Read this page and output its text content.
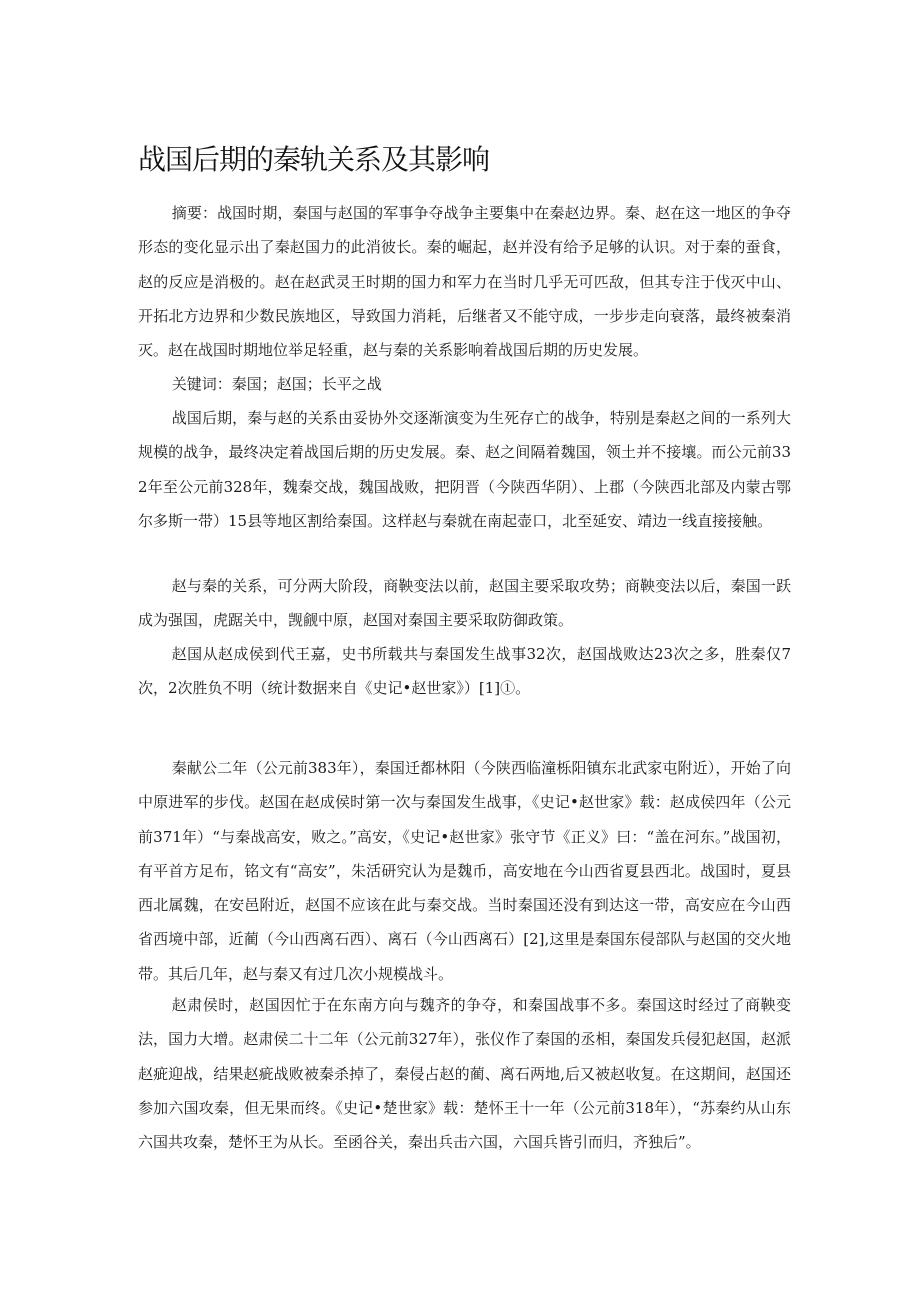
战国后期的秦轨关系及其影响

摘要：战国时期，秦国与赵国的军事争夺战争主要集中在秦赵边界。秦、赵在这一地区的争夺形态的变化显示出了秦赵国力的此消彼长。秦的崛起，赵并没有给予足够的认识。对于秦的蚕食，赵的反应是消极的。赵在赵武灵王时期的国力和军力在当时几乎无可匹敌，但其专注于伐灭中山、开拓北方边界和少数民族地区，导致国力消耗，后继者又不能守成，一步步走向衰落，最终被秦消灭。赵在战国时期地位举足轻重，赵与秦的关系影响着战国后期的历史发展。

关键词：秦国；赵国；长平之战

战国后期，秦与赵的关系由妥协外交逐渐演变为生死存亡的战争，特别是秦赵之间的一系列大规模的战争，最终决定着战国后期的历史发展。秦、赵之间隔着魏国，领土并不接壤。而公元前332年至公元前328年，魏秦交战，魏国战败，把阴晋（今陕西华阴）、上郡（今陕西北部及内蒙古鄂尔多斯一带）15县等地区割给秦国。这样赵与秦就在南起壶口，北至延安、靖边一线直接接触。

赵与秦的关系，可分两大阶段，商鞅变法以前，赵国主要采取攻势；商鞅变法以后，秦国一跃成为强国，虎踞关中，觊觎中原，赵国对秦国主要采取防御政策。

赵国从赵成侯到代王嘉，史书所载共与秦国发生战事32次，赵国战败达23次之多，胜秦仅7次，2次胜负不明（统计数据来自《史记•赵世家》）[1]①。

秦献公二年（公元前383年），秦国迁都林阳（今陕西临潼栎阳镇东北武家屯附近），开始了向中原进军的步伐。赵国在赵成侯时第一次与秦国发生战事，《史记•赵世家》载：赵成侯四年（公元前371年）“与秦战高安，败之。”高安，《史记•赵世家》张守节《正义》曰：“盖在河东。”战国初，有平首方足布，铭文有“高安”，朱活研究认为是魏币，高安地在今山西省夏县西北。战国时，夏县西北属魏，在安邑附近，赵国不应该在此与秦交战。当时秦国还没有到达这一带，高安应在今山西省西境中部，近蔺（今山西离石西）、离石（今山西离石）[2],这里是秦国东侵部队与赵国的交火地带。其后几年，赵与秦又有过几次小规模战斗。

赵肃侯时，赵国因忙于在东南方向与魏齐的争夺，和秦国战事不多。秦国这时经过了商鞅变法，国力大增。赵肃侯二十二年（公元前327年），张仪作了秦国的丞相，秦国发兵侵犯赵国，赵派赵疵迎战，结果赵疵战败被秦杀掉了，秦侵占赵的蔺、离石两地,后又被赵收复。在这期间，赵国还参加六国攻秦，但无果而终。《史记•楚世家》载：楚怀王十一年（公元前318年），“苏秦约从山东六国共攻秦，楚怀王为从长。至函谷关，秦出兵击六国，六国兵皆引而归，齐独后”。
